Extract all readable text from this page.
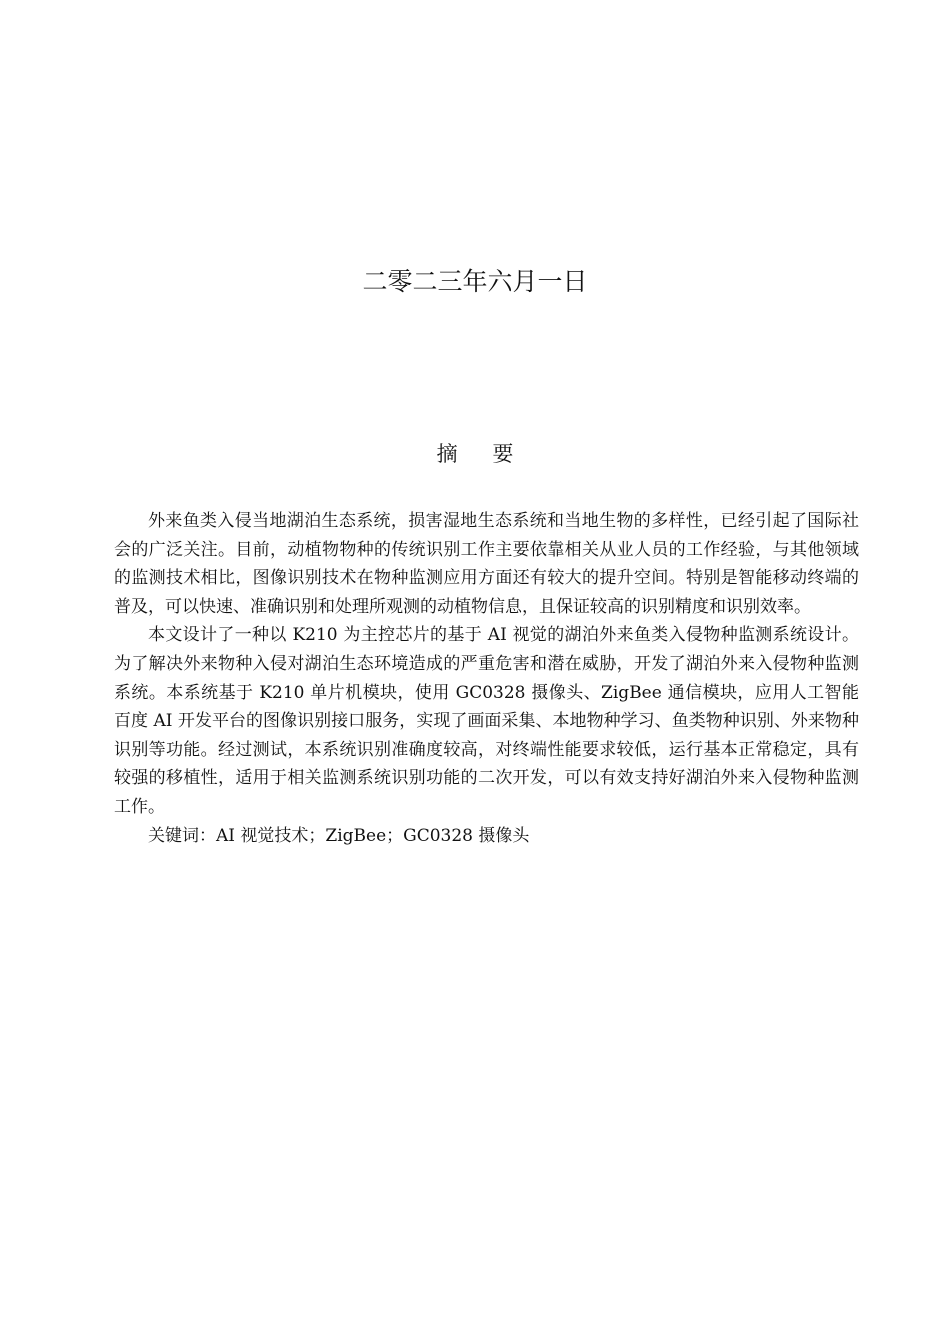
二零二三年六月一日
摘 要

外来鱼类入侵当地湖泊生态系统，损害湿地生态系统和当地生物的多样性，已经引起了国际社会的广泛关注。目前，动植物物种的传统识别工作主要依靠相关从业人员的工作经验，与其他领域的监测技术相比，图像识别技术在物种监测应用方面还有较大的提升空间。特别是智能移动终端的普及，可以快速、准确识别和处理所观测的动植物信息，且保证较高的识别精度和识别效率。

本文设计了一种以 K210 为主控芯片的基于 AI 视觉的湖泊外来鱼类入侵物种监测系统设计。为了解决外来物种入侵对湖泊生态环境造成的严重危害和潜在威胁，开发了湖泊外来入侵物种监测系统。本系统基于 K210 单片机模块，使用 GC0328 摄像头、ZigBee 通信模块，应用人工智能百度 AI 开发平台的图像识别接口服务，实现了画面采集、本地物种学习、鱼类物种识别、外来物种识别等功能。经过测试，本系统识别准确度较高，对终端性能要求较低，运行基本正常稳定，具有较强的移植性，适用于相关监测系统识别功能的二次开发，可以有效支持好湖泊外来入侵物种监测工作。

关键词：AI 视觉技术；ZigBee；GC0328 摄像头
